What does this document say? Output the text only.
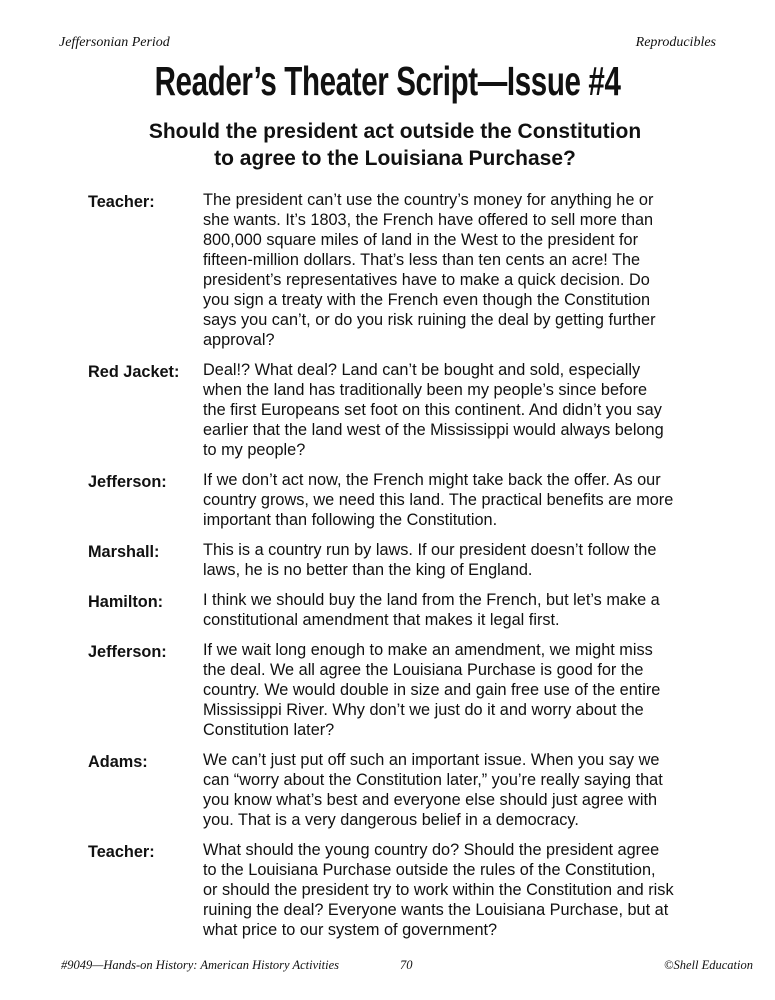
Jeffersonian Period	Reproducibles
Reader’s Theater Script—Issue #4
Should the president act outside the Constitution
to agree to the Louisiana Purchase?
Teacher:	The president can’t use the country’s money for anything he or
she wants. It’s 1803, the French have offered to sell more than
800,000 square miles of land in the West to the president for
fifteen-million dollars. That’s less than ten cents an acre! The
president’s representatives have to make a quick decision. Do
you sign a treaty with the French even though the Constitution
says you can’t, or do you risk ruining the deal by getting further
approval?
Red Jacket:	Deal!? What deal? Land can’t be bought and sold, especially
when the land has traditionally been my people’s since before
the first Europeans set foot on this continent. And didn’t you say
earlier that the land west of the Mississippi would always belong
to my people?
Jefferson:	If we don’t act now, the French might take back the offer. As our
country grows, we need this land. The practical benefits are more
important than following the Constitution.
Marshall:	This is a country run by laws. If our president doesn’t follow the
laws, he is no better than the king of England.
Hamilton:	I think we should buy the land from the French, but let’s make a
constitutional amendment that makes it legal first.
Jefferson:	If we wait long enough to make an amendment, we might miss
the deal. We all agree the Louisiana Purchase is good for the
country. We would double in size and gain free use of the entire
Mississippi River. Why don’t we just do it and worry about the
Constitution later?
Adams:	We can’t just put off such an important issue. When you say we
can “worry about the Constitution later,” you’re really saying that
you know what’s best and everyone else should just agree with
you. That is a very dangerous belief in a democracy.
Teacher:	What should the young country do? Should the president agree
to the Louisiana Purchase outside the rules of the Constitution,
or should the president try to work within the Constitution and risk
ruining the deal? Everyone wants the Louisiana Purchase, but at
what price to our system of government?
#9049—Hands-on History: American History Activities	70	©Shell Education
